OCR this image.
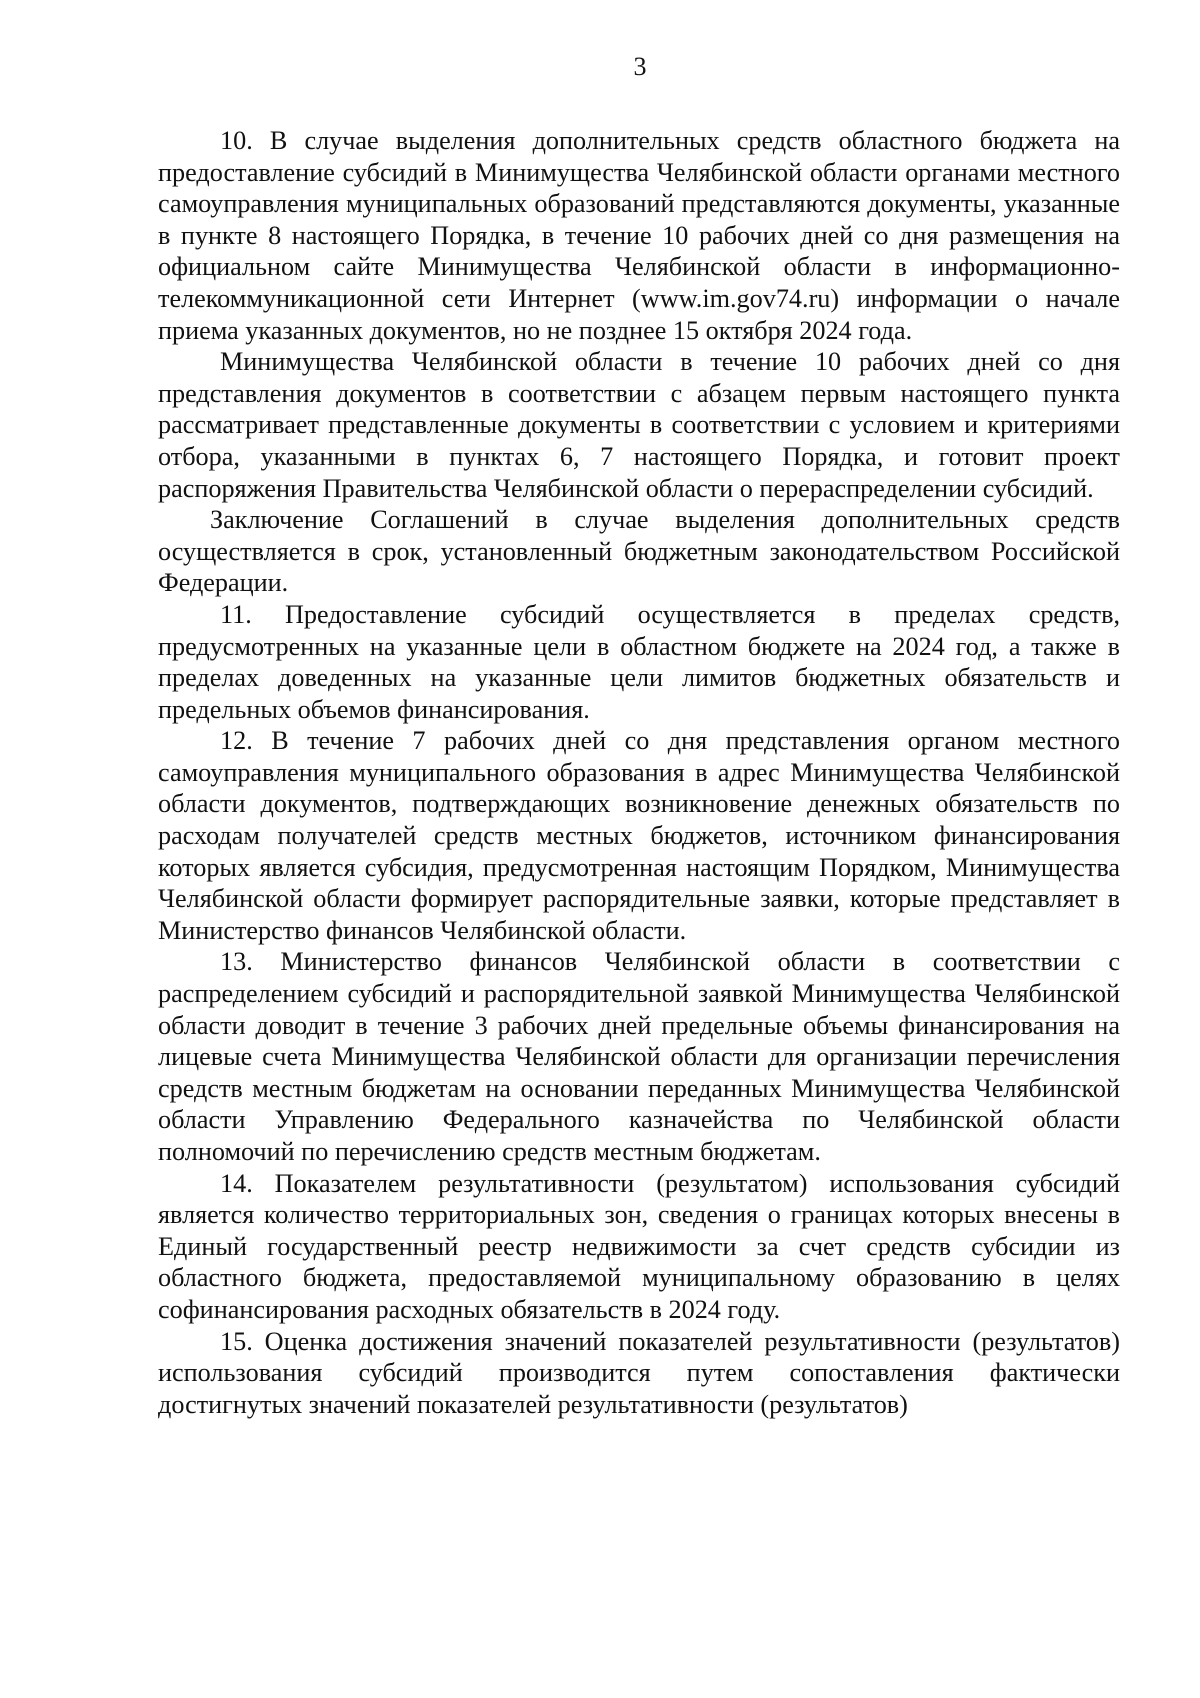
3

10. В случае выделения дополнительных средств областного бюджета на предоставление субсидий в Минимущества Челябинской области органами местного самоуправления муниципальных образований представляются документы, указанные в пункте 8 настоящего Порядка, в течение 10 рабочих дней со дня размещения на официальном сайте Минимущества Челябинской области в информационно-телекоммуникационной сети Интернет (www.im.gov74.ru) информации о начале приема указанных документов, но не позднее 15 октября 2024 года.

Минимущества Челябинской области в течение 10 рабочих дней со дня представления документов в соответствии с абзацем первым настоящего пункта рассматривает представленные документы в соответствии с условием и критериями отбора, указанными в пунктах 6, 7 настоящего Порядка, и готовит проект распоряжения Правительства Челябинской области о перераспределении субсидий.

Заключение Соглашений в случае выделения дополнительных средств осуществляется в срок, установленный бюджетным законодательством Российской Федерации.

11. Предоставление субсидий осуществляется в пределах средств, предусмотренных на указанные цели в областном бюджете на 2024 год, а также в пределах доведенных на указанные цели лимитов бюджетных обязательств и предельных объемов финансирования.

12. В течение 7 рабочих дней со дня представления органом местного самоуправления муниципального образования в адрес Минимущества Челябинской области документов, подтверждающих возникновение денежных обязательств по расходам получателей средств местных бюджетов, источником финансирования которых является субсидия, предусмотренная настоящим Порядком, Минимущества Челябинской области формирует распорядительные заявки, которые представляет в Министерство финансов Челябинской области.

13. Министерство финансов Челябинской области в соответствии с распределением субсидий и распорядительной заявкой Минимущества Челябинской области доводит в течение 3 рабочих дней предельные объемы финансирования на лицевые счета Минимущества Челябинской области для организации перечисления средств местным бюджетам на основании переданных Минимущества Челябинской области Управлению Федерального казначейства по Челябинской области полномочий по перечислению средств местным бюджетам.

14. Показателем результативности (результатом) использования субсидий является количество территориальных зон, сведения о границах которых внесены в Единый государственный реестр недвижимости за счет средств субсидии из областного бюджета, предоставляемой муниципальному образованию в целях софинансирования расходных обязательств в 2024 году.

15. Оценка достижения значений показателей результативности (результатов) использования субсидий производится путем сопоставления фактически достигнутых значений показателей результативности (результатов)
